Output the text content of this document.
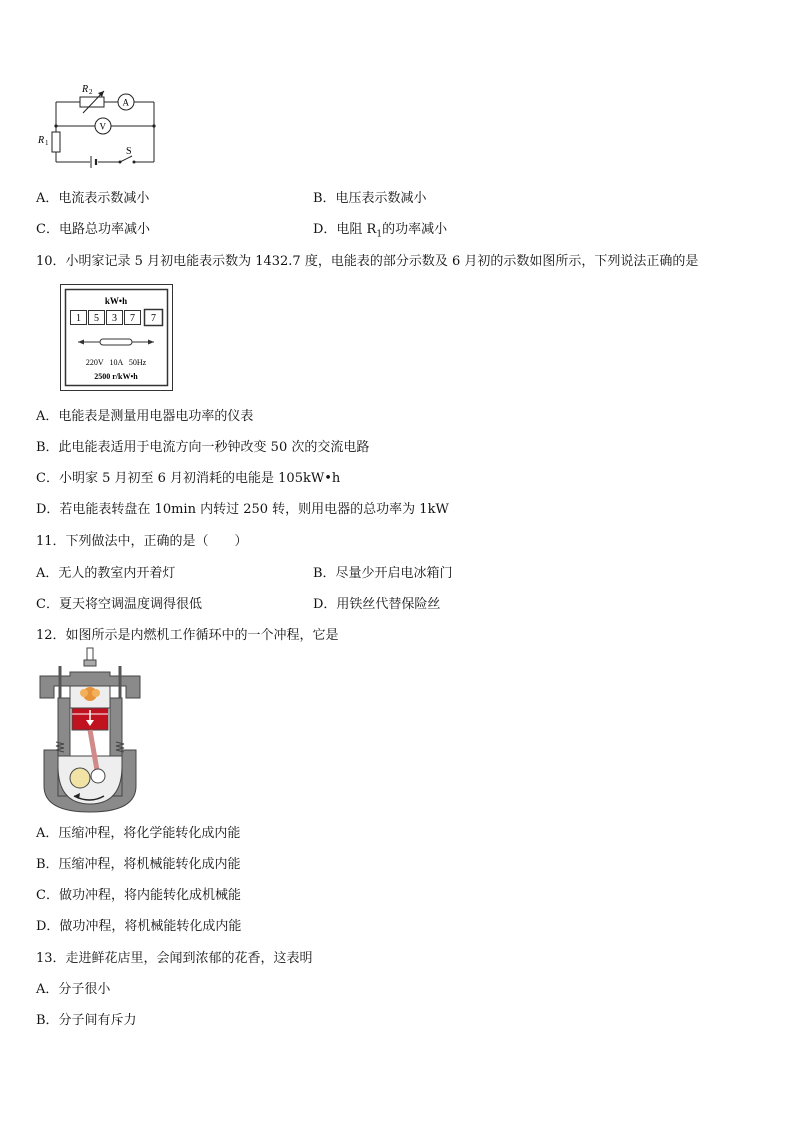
R 2
A
V
R 1
S
A．电流表示数减小	B．电压表示数减小
C．电路总功率减小	D．电阻 $R_1$的功率减小
10．小明家记录 5 月初电能表示数为 1432.7 度，电能表的部分示数及 6 月初的示数如图所示，下列说法正确的是
kW•h
1 5 3 7 7
220V   10A   50Hz
2500 r/kW•h
A．电能表是测量用电器电功率的仪表
B．此电能表适用于电流方向一秒钟改变 50 次的交流电路
C．小明家 5 月初至 6 月初消耗的电能是 105kW•h
D．若电能表转盘在 10min 内转过 250 转，则用电器的总功率为 1kW
11．下列做法中，正确的是（　　）
A．无人的教室内开着灯	B．尽量少开启电冰箱门
C．夏天将空调温度调得很低	D．用铁丝代替保险丝
12．如图所示是内燃机工作循环中的一个冲程，它是
A．压缩冲程，将化学能转化成内能
B．压缩冲程，将机械能转化成内能
C．做功冲程，将内能转化成机械能
D．做功冲程，将机械能转化成内能
13．走进鲜花店里，会闻到浓郁的花香，这表明
A．分子很小
B．分子间有斥力
